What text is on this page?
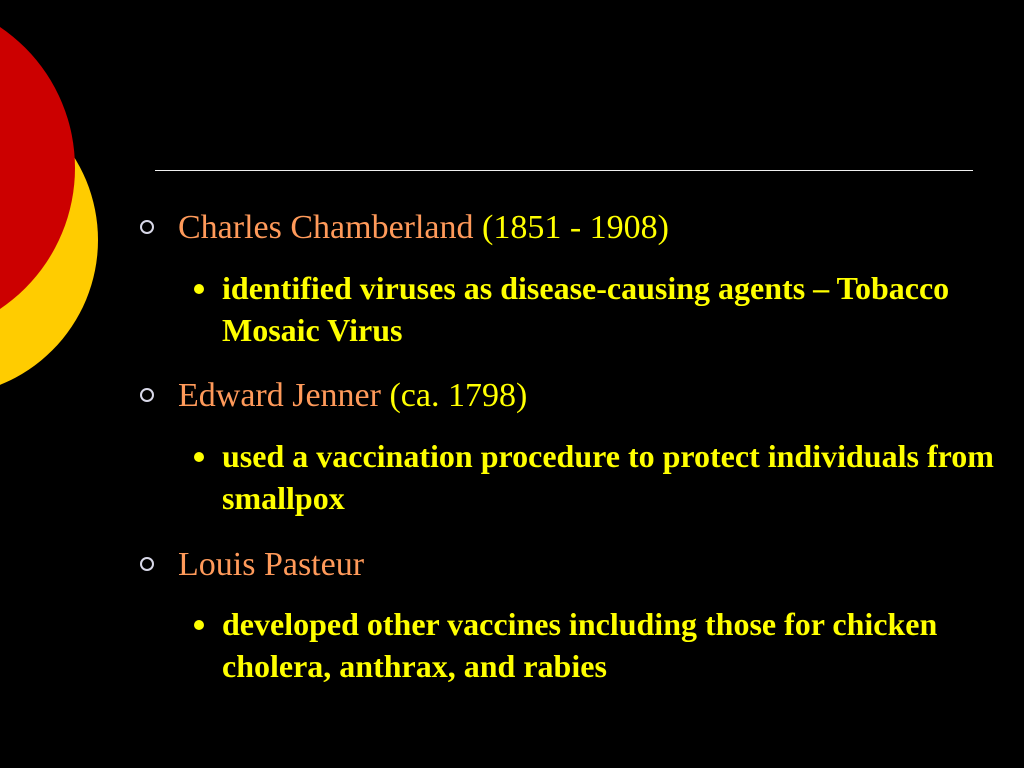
Charles Chamberland (1851 - 1908)
identified viruses as disease-causing agents – Tobacco Mosaic Virus
Edward Jenner (ca. 1798)
used a vaccination procedure to protect individuals from smallpox
Louis Pasteur
developed other vaccines including those for chicken cholera, anthrax, and rabies
